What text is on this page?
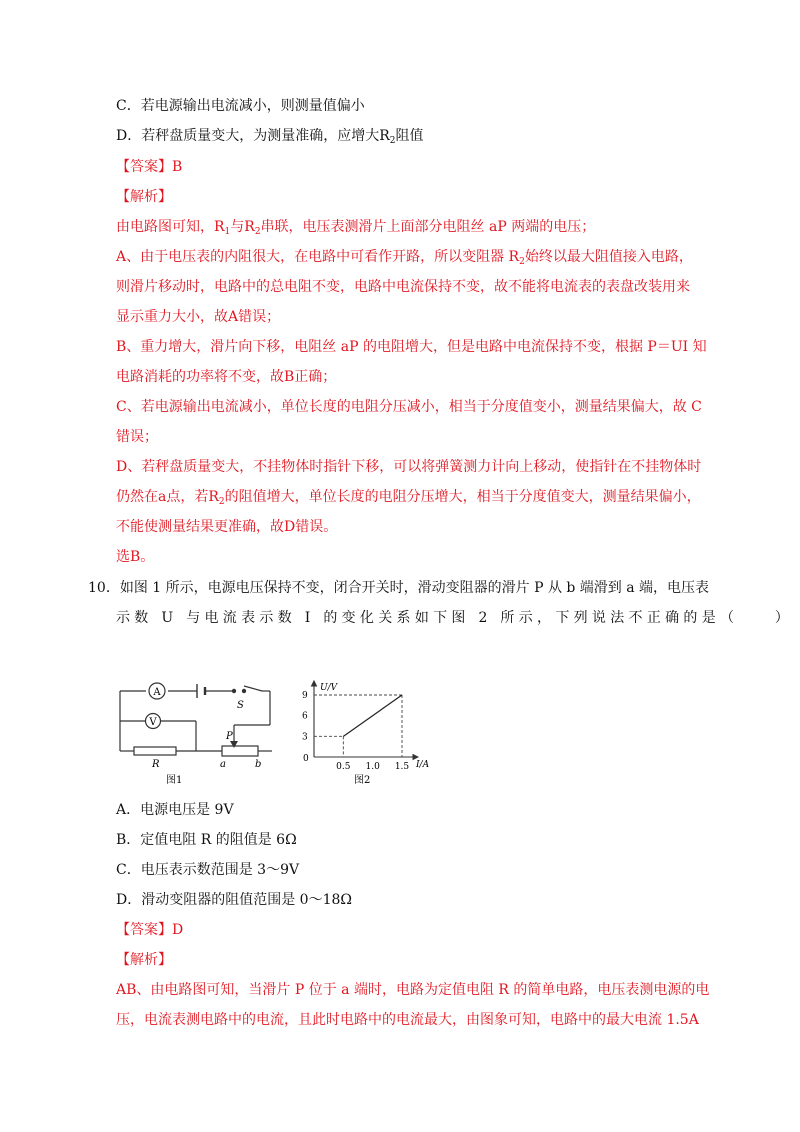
C．若电源输出电流减小，则测量值偏小
D．若秤盘质量变大，为测量准确，应增大$R_2$阻值
【答案】B
【解析】
由电路图可知，$R_1$与$R_2$串联，电压表测滑片上面部分电阻丝 aP 两端的电压；
A、由于电压表的内阻很大，在电路中可看作开路，所以变阻器 $R_2$始终以最大阻值接入电路，
则滑片移动时，电路中的总电阻不变，电路中电流保持不变，故不能将电流表的表盘改装用来
显示重力大小，故A错误；
B、重力增大，滑片向下移，电阻丝 aP 的电阻增大，但是电路中电流保持不变，根据 P＝UI 知
电路消耗的功率将不变，故B正确；
C、若电源输出电流减小，单位长度的电阻分压减小，相当于分度值变小，测量结果偏大，故 C
错误；
D、若秤盘质量变大，不挂物体时指针下移，可以将弹簧测力计向上移动，使指针在不挂物体时
仍然在a点，若$R_2$的阻值增大，单位长度的电阻分压增大，相当于分度值变大，测量结果偏小，
不能使测量结果更准确，故D错误。
选B。
10．如图 1 所示，电源电压保持不变，闭合开关时，滑动变阻器的滑片 P 从 b 端滑到 a 端，电压表
示数 U 与电流表示数 I 的变化关系如下图 2 所示，下列说法不正确的是（　　）
A
V
S
R
P
a	b
图1
U/V
I/A
0
3
6
9
0.5 1.0 1.5
图2
A．电源电压是 9V
B．定值电阻 R 的阻值是 6Ω
C．电压表示数范围是 3～9V
D．滑动变阻器的阻值范围是 0～18Ω
【答案】D
【解析】
AB、由电路图可知，当滑片 P 位于 a 端时，电路为定值电阻 R 的简单电路，电压表测电源的电
压，电流表测电路中的电流，且此时电路中的电流最大，由图象可知，电路中的最大电流 1.5A
